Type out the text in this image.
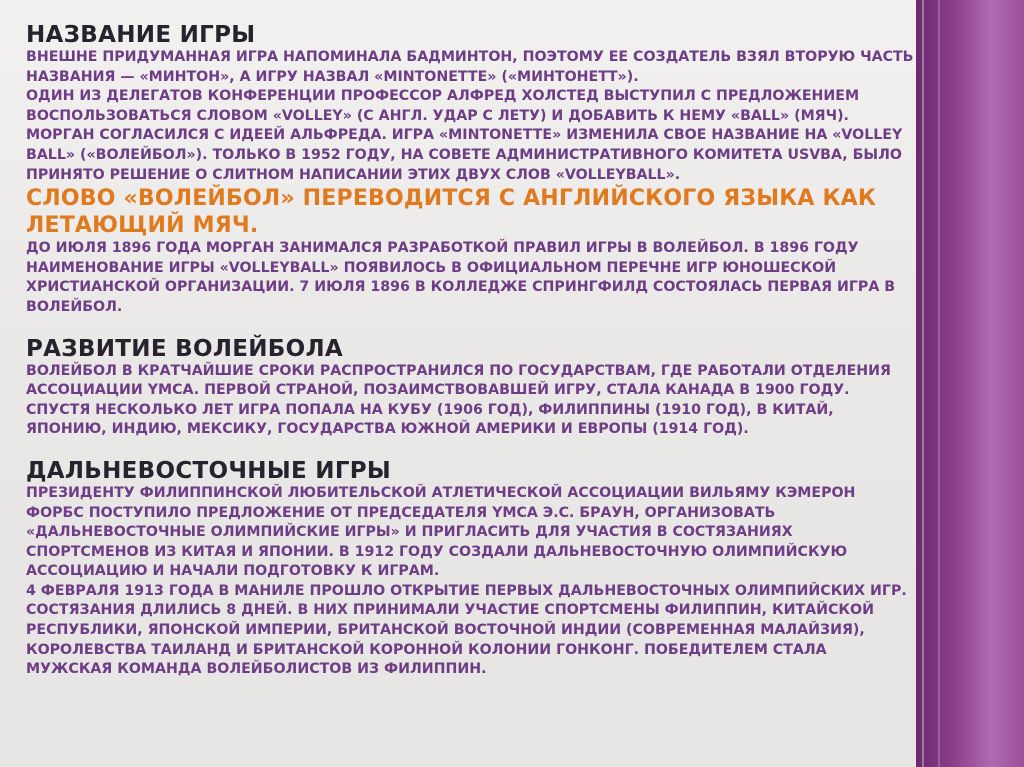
НАЗВАНИЕ ИГРЫ

ВНЕШНЕ ПРИДУМАННАЯ ИГРА НАПОМИНАЛА БАДМИНТОН, ПОЭТОМУ ЕЕ СОЗДАТЕЛЬ ВЗЯЛ ВТОРУЮ ЧАСТЬ НАЗВАНИЯ — «МИНТОН», А ИГРУ НАЗВАЛ «MINTONETTE» («МИНТОНЕТТ»).

ОДИН ИЗ ДЕЛЕГАТОВ КОНФЕРЕНЦИИ ПРОФЕССОР АЛФРЕД ХОЛСТЕД ВЫСТУПИЛ С ПРЕДЛОЖЕНИЕМ ВОСПОЛЬЗОВАТЬСЯ СЛОВОМ «VOLLEY» (С АНГЛ. УДАР С ЛЕТУ) И ДОБАВИТЬ К НЕМУ «BALL» (МЯЧ).

МОРГАН СОГЛАСИЛСЯ С ИДЕЕЙ АЛЬФРЕДА. ИГРА «MINTONETTE» ИЗМЕНИЛА СВОЕ НАЗВАНИЕ НА «VOLLEY BALL» («ВОЛЕЙБОЛ»). ТОЛЬКО В 1952 ГОДУ, НА СОВЕТЕ АДМИНИСТРАТИВНОГО КОМИТЕТА USVBA, БЫЛО ПРИНЯТО РЕШЕНИЕ О СЛИТНОМ НАПИСАНИИ ЭТИХ ДВУХ СЛОВ «VOLLEYBALL».

СЛОВО «ВОЛЕЙБОЛ» ПЕРЕВОДИТСЯ С АНГЛИЙСКОГО ЯЗЫКА КАК ЛЕТАЮЩИЙ МЯЧ.

ДО ИЮЛЯ 1896 ГОДА МОРГАН ЗАНИМАЛСЯ РАЗРАБОТКОЙ ПРАВИЛ ИГРЫ В ВОЛЕЙБОЛ. В 1896 ГОДУ НАИМЕНОВАНИЕ ИГРЫ «VOLLEYBALL» ПОЯВИЛОСЬ В ОФИЦИАЛЬНОМ ПЕРЕЧНЕ ИГР ЮНОШЕСКОЙ ХРИСТИАНСКОЙ ОРГАНИЗАЦИИ. 7 ИЮЛЯ 1896 В КОЛЛЕДЖЕ СПРИНГФИЛД СОСТОЯЛАСЬ ПЕРВАЯ ИГРА В ВОЛЕЙБОЛ.

РАЗВИТИЕ ВОЛЕЙБОЛА

ВОЛЕЙБОЛ В КРАТЧАЙШИЕ СРОКИ РАСПРОСТРАНИЛСЯ ПО ГОСУДАРСТВАМ, ГДЕ РАБОТАЛИ ОТДЕЛЕНИЯ АССОЦИАЦИИ YMCA. ПЕРВОЙ СТРАНОЙ, ПОЗАИМСТВОВАВШЕЙ ИГРУ, СТАЛА КАНАДА В 1900 ГОДУ.

СПУСТЯ НЕСКОЛЬКО ЛЕТ ИГРА ПОПАЛА НА КУБУ (1906 ГОД), ФИЛИППИНЫ (1910 ГОД), В КИТАЙ, ЯПОНИЮ, ИНДИЮ, МЕКСИКУ, ГОСУДАРСТВА ЮЖНОЙ АМЕРИКИ И ЕВРОПЫ (1914 ГОД).

ДАЛЬНЕВОСТОЧНЫЕ ИГРЫ

ПРЕЗИДЕНТУ ФИЛИППИНСКОЙ ЛЮБИТЕЛЬСКОЙ АТЛЕТИЧЕСКОЙ АССОЦИАЦИИ ВИЛЬЯМУ КЭМЕРОН ФОРБС ПОСТУПИЛО ПРЕДЛОЖЕНИЕ ОТ ПРЕДСЕДАТЕЛЯ YMCA Э.С. БРАУН, ОРГАНИЗОВАТЬ «ДАЛЬНЕВОСТОЧНЫЕ ОЛИМПИЙСКИЕ ИГРЫ» И ПРИГЛАСИТЬ ДЛЯ УЧАСТИЯ В СОСТЯЗАНИЯХ СПОРТСМЕНОВ ИЗ КИТАЯ И ЯПОНИИ. В 1912 ГОДУ СОЗДАЛИ ДАЛЬНЕВОСТОЧНУЮ ОЛИМПИЙСКУЮ АССОЦИАЦИЮ И НАЧАЛИ ПОДГОТОВКУ К ИГРАМ.

4 ФЕВРАЛЯ 1913 ГОДА В МАНИЛЕ ПРОШЛО ОТКРЫТИЕ ПЕРВЫХ ДАЛЬНЕВОСТОЧНЫХ ОЛИМПИЙСКИХ ИГР. СОСТЯЗАНИЯ ДЛИЛИСЬ 8 ДНЕЙ. В НИХ ПРИНИМАЛИ УЧАСТИЕ СПОРТСМЕНЫ ФИЛИППИН, КИТАЙСКОЙ РЕСПУБЛИКИ, ЯПОНСКОЙ ИМПЕРИИ, БРИТАНСКОЙ ВОСТОЧНОЙ ИНДИИ (СОВРЕМЕННАЯ МАЛАЙЗИЯ), КОРОЛЕВСТВА ТАИЛАНД И БРИТАНСКОЙ КОРОННОЙ КОЛОНИИ ГОНКОНГ. ПОБЕДИТЕЛЕМ СТАЛА МУЖСКАЯ КОМАНДА ВОЛЕЙБОЛИСТОВ ИЗ ФИЛИППИН.
